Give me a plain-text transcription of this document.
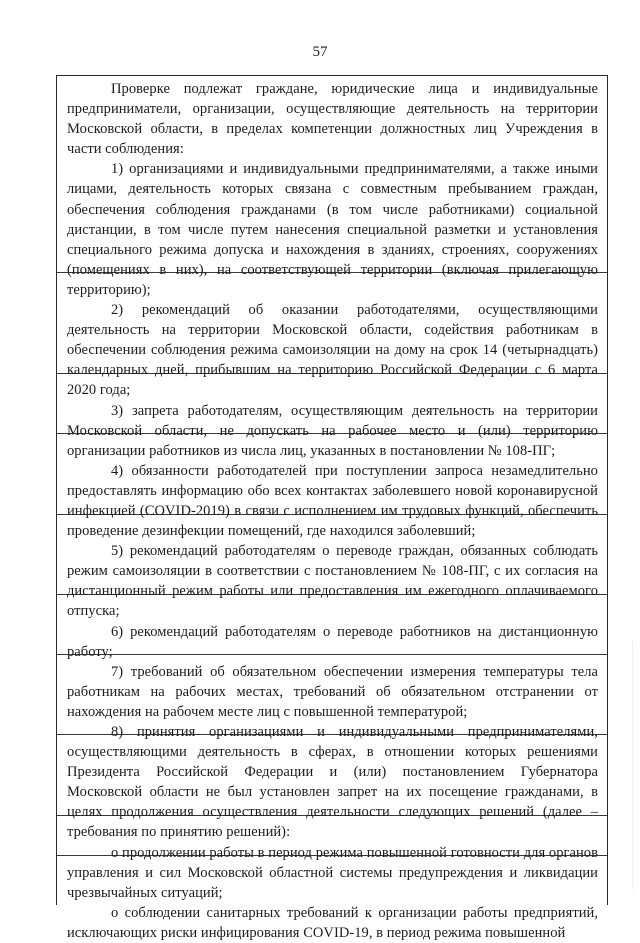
57

Проверке подлежат граждане, юридические лица и индивидуальные предприниматели, организации, осуществляющие деятельность на территории Московской области, в пределах компетенции должностных лиц Учреждения в части соблюдения:

1) организациями и индивидуальными предпринимателями, а также иными лицами, деятельность которых связана с совместным пребыванием граждан, обеспечения соблюдения гражданами (в том числе работниками) социальной дистанции, в том числе путем нанесения специальной разметки и установления специального режима допуска и нахождения в зданиях, строениях, сооружениях (помещениях в них), на соответствующей территории (включая прилегающую территорию);

2) рекомендаций об оказании работодателями, осуществляющими деятельность на территории Московской области, содействия работникам в обеспечении соблюдения режима самоизоляции на дому на срок 14 (четырнадцать) календарных дней, прибывшим на территорию Российской Федерации с 6 марта 2020 года;

3) запрета работодателям, осуществляющим деятельность на территории Московской области, не допускать на рабочее место и (или) территорию организации работников из числа лиц, указанных в постановлении № 108-ПГ;

4) обязанности работодателей при поступлении запроса незамедлительно предоставлять информацию обо всех контактах заболевшего новой коронавирусной инфекцией (COVID-2019) в связи с исполнением им трудовых функций, обеспечить проведение дезинфекции помещений, где находился заболевший;

5) рекомендаций работодателям о переводе граждан, обязанных соблюдать режим самоизоляции в соответствии с постановлением № 108-ПГ, с их согласия на дистанционный режим работы или предоставления им ежегодного оплачиваемого отпуска;

6) рекомендаций работодателям о переводе работников на дистанционную работу;

7) требований об обязательном обеспечении измерения температуры тела работникам на рабочих местах, требований об обязательном отстранении от нахождения на рабочем месте лиц с повышенной температурой;

8) принятия организациями и индивидуальными предпринимателями, осуществляющими деятельность в сферах, в отношении которых решениями Президента Российской Федерации и (или) постановлением Губернатора Московской области не был установлен запрет на их посещение гражданами, в целях продолжения осуществления деятельности следующих решений (далее – требования по принятию решений):

о продолжении работы в период режима повышенной готовности для органов управления и сил Московской областной системы предупреждения и ликвидации чрезвычайных ситуаций;

о соблюдении санитарных требований к организации работы предприятий, исключающих риски инфицирования COVID-19, в период режима повышенной
